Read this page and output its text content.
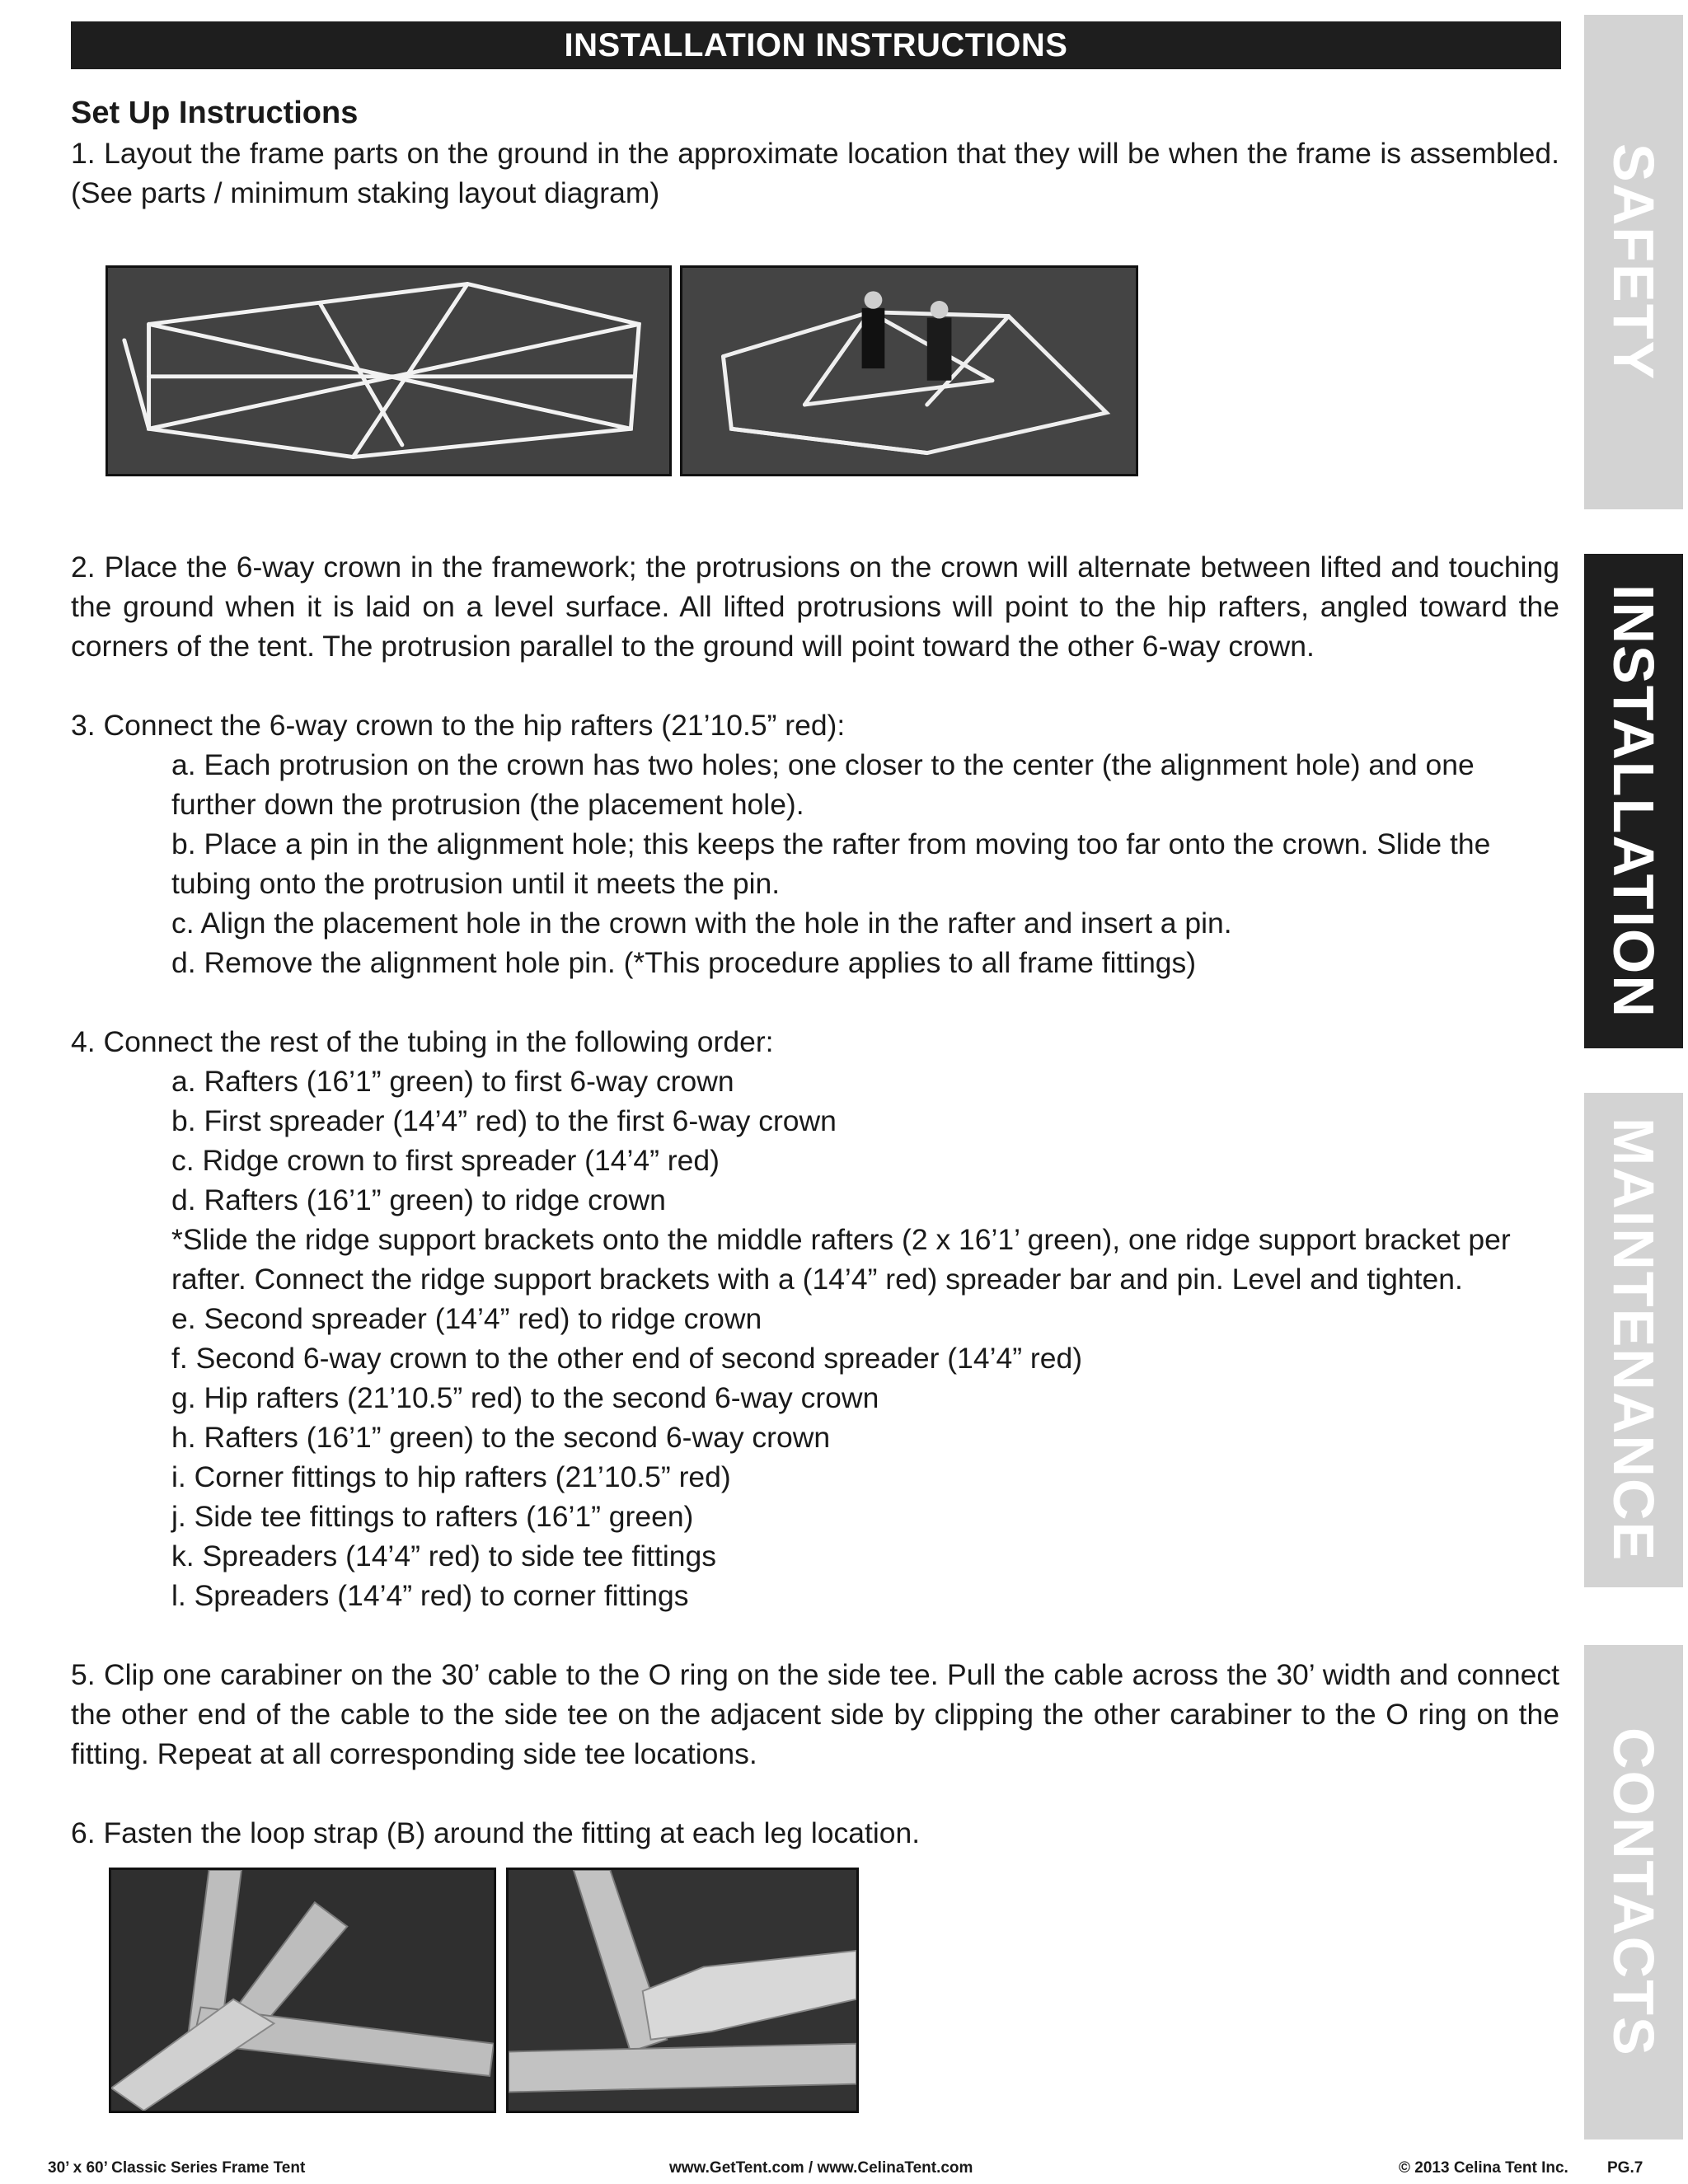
INSTALLATION INSTRUCTIONS

Set Up Instructions

1. Layout the frame parts on the ground in the approximate location that they will be when the frame is assembled. (See parts / minimum staking layout diagram)

2. Place the 6-way crown in the framework; the protrusions on the crown will alternate between lifted and touching the ground when it is laid on a level surface. All lifted protrusions will point to the hip rafters, angled toward the corners of the tent. The protrusion parallel to the ground will point toward the other 6-way crown.

3. Connect the 6-way crown to the hip rafters (21’10.5” red):

a. Each protrusion on the crown has two holes; one closer to the center (the alignment hole) and one further down the protrusion (the placement hole).

b. Place a pin in the alignment hole; this keeps the rafter from moving too far onto the crown. Slide the tubing onto the protrusion until it meets the pin.

c. Align the placement hole in the crown with the hole in the rafter and insert a pin.

d. Remove the alignment hole pin. (*This procedure applies to all frame fittings)

4. Connect the rest of the tubing in the following order:

a. Rafters (16’1” green) to first 6-way crown

b. First spreader (14’4” red) to the first 6-way crown

c. Ridge crown to first spreader (14’4” red)

d. Rafters (16’1” green) to ridge crown

*Slide the ridge support brackets onto the middle rafters (2 x 16’1’ green), one ridge support bracket per rafter. Connect the ridge support brackets with a (14’4” red) spreader bar and pin. Level and tighten.

e. Second spreader (14’4” red) to ridge crown

f. Second 6-way crown to the other end of second spreader (14’4” red)

g. Hip rafters (21’10.5” red) to the second 6-way crown

h. Rafters (16’1” green) to the second 6-way crown

i. Corner fittings to hip rafters (21’10.5” red)

j. Side tee fittings to rafters (16’1” green)

k. Spreaders (14’4” red) to side tee fittings

l. Spreaders (14’4” red) to corner fittings

5. Clip one carabiner on the 30’ cable to the O ring on the side tee. Pull the cable across the 30’ width and connect the other end of the cable to the side tee on the adjacent side by clipping the other carabiner to the O ring on the fitting. Repeat at all corresponding side tee locations.

6. Fasten the loop strap (B) around the fitting at each leg location.

SAFETY
INSTALLATION
MAINTENANCE
CONTACTS
30’ x 60’ Classic Series Frame Tent	www.GetTent.com / www.CelinaTent.com	© 2013 Celina Tent Inc. PG.7
